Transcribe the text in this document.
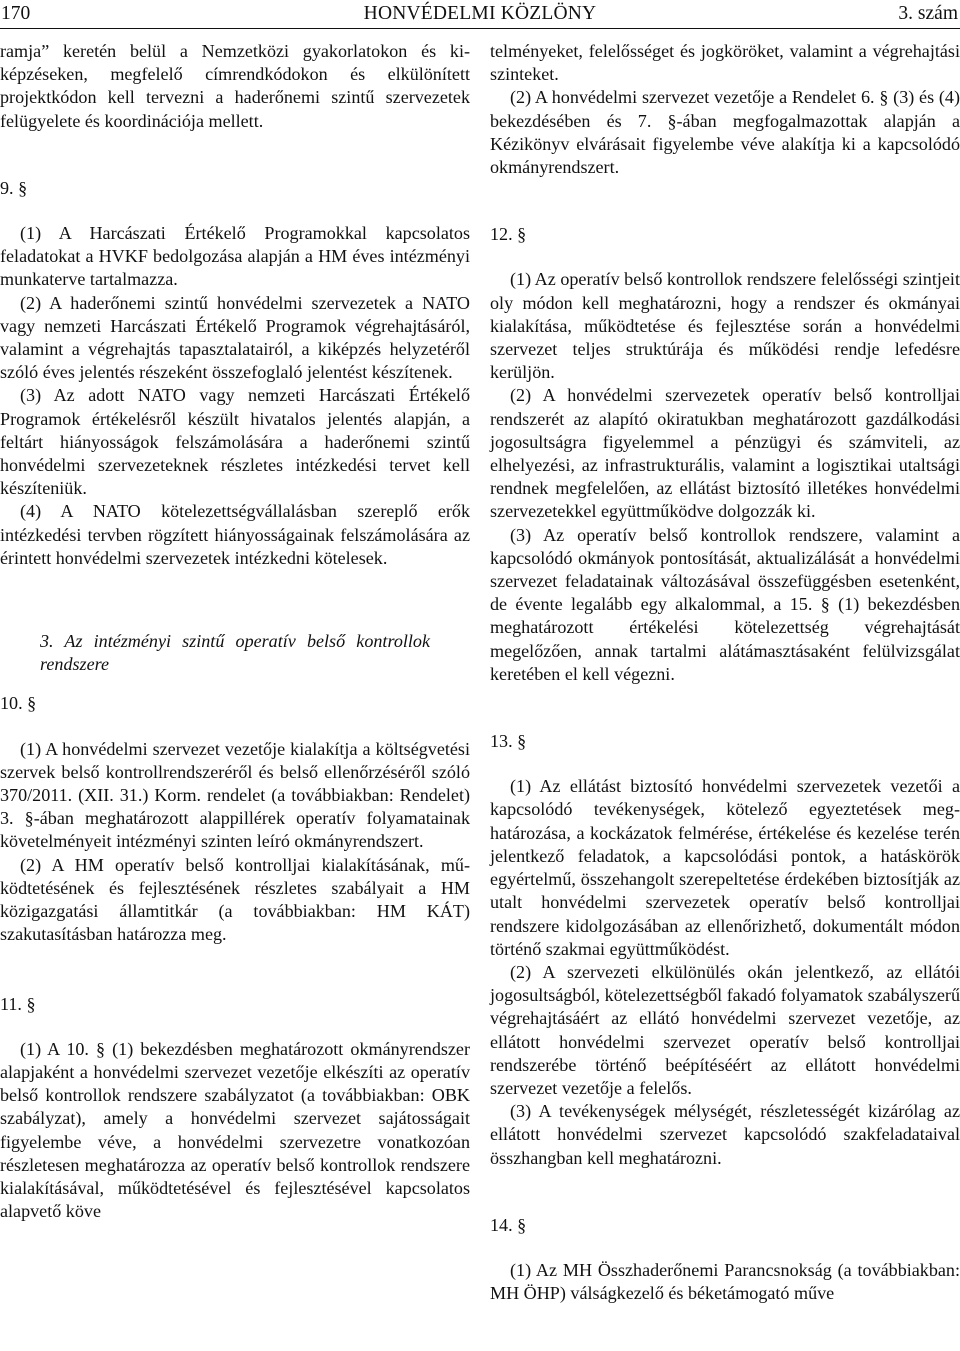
170	HONVÉDELMI KÖZLÖNY	3. szám

ramja” keretén belül a Nemzetközi gyakorlatokon és kiképzéseken, megfelelő címrendkódokon és elkülönített projektkódon kell tervezni a haderőnemi szintű szervezetek felügyelete és koordinációja mellett.

9. §

(1) A Harcászati Értékelő Programokkal kapcsolatos feladatokat a HVKF bedolgozása alapján a HM éves intézményi munkaterve tartalmazza.

(2) A haderőnemi szintű honvédelmi szervezetek a NATO vagy nemzeti Harcászati Értékelő Programok végrehajtásáról, valamint a végrehajtás tapasztalatairól, a kiképzés helyzetéről szóló éves jelentés részeként összefoglaló jelentést készítenek.

(3) Az adott NATO vagy nemzeti Harcászati Értékelő Programok értékelésről készült hivatalos jelentés alapján, a feltárt hiányosságok felszámolására a haderőnemi szintű honvédelmi szervezeteknek részletes intézkedési tervet kell készíteniük.

(4) A NATO kötelezettségvállalásban szereplő erők intézkedési tervben rögzített hiányosságainak felszámolására az érintett honvédelmi szervezetek intézkedni kötelesek.

3. Az intézményi szintű operatív belső kontrollok rendszere

10. §

(1) A honvédelmi szervezet vezetője kialakítja a költségvetési szervek belső kontrollrendszeréről és belső ellenőrzéséről szóló 370/2011. (XII. 31.) Korm. rendelet (a továbbiakban: Rendelet) 3. §-ában meghatározott alappillérek operatív folyamatainak követelményeit intézményi szinten leíró okmányrendszert.

(2) A HM operatív belső kontrolljai kialakításának, működtetésének és fejlesztésének részletes szabályait a HM közigazgatási államtitkár (a továbbiakban: HM KÁT) szakutasításban határozza meg.

11. §

(1) A 10. § (1) bekezdésben meghatározott okmányrendszer alapjaként a honvédelmi szervezet vezetője elkészíti az operatív belső kontrollok rendszere szabályzatot (a továbbiakban: OBK szabályzat), amely a honvédelmi szervezet sajátosságait figyelembe véve, a honvédelmi szervezetre vonatkozóan részletesen meghatározza az operatív belső kontrollok rendszere kialakításával, működtetésével és fejlesztésével kapcsolatos alapvető köve

telményeket, felelősséget és jogköröket, valamint a végrehajtási szinteket.

(2) A honvédelmi szervezet vezetője a Rendelet 6. § (3) és (4) bekezdésében és 7. §-ában megfogalmazottak alapján a Kézikönyv elvárásait figyelembe véve alakítja ki a kapcsolódó okmányrendszert.

12. §

(1) Az operatív belső kontrollok rendszere felelősségi szintjeit oly módon kell meghatározni, hogy a rendszer és okmányai kialakítása, működtetése és fejlesztése során a honvédelmi szervezet teljes struktúrája és működési rendje lefedésre kerüljön.

(2) A honvédelmi szervezetek operatív belső kontrolljai rendszerét az alapító okiratukban meghatározott gazdálkodási jogosultságra figyelemmel a pénzügyi és számviteli, az elhelyezési, az infrastrukturális, valamint a logisztikai utaltsági rendnek megfelelően, az ellátást biztosító illetékes honvédelmi szervezetekkel együttműködve dolgozzák ki.

(3) Az operatív belső kontrollok rendszere, valamint a kapcsolódó okmányok pontosítását, aktualizálását a honvédelmi szervezet feladatainak változásával összefüggésben esetenként, de évente legalább egy alkalommal, a 15. § (1) bekezdésben meghatározott értékelési kötelezettség végrehajtását megelőzően, annak tartalmi alátámasztásaként felülvizsgálat keretében el kell végezni.

13. §

(1) Az ellátást biztosító honvédelmi szervezetek vezetői a kapcsolódó tevékenységek, kötelező egyeztetések meghatározása, a kockázatok felmérése, értékelése és kezelése terén jelentkező feladatok, a kapcsolódási pontok, a hatáskörök egyértelmű, összehangolt szerepeltetése érdekében biztosítják az utalt honvédelmi szervezetek operatív belső kontrolljai rendszere kidolgozásában az ellenőrizhető, dokumentált módon történő szakmai együttműködést.

(2) A szervezeti elkülönülés okán jelentkező, az ellátói jogosultságból, kötelezettségből fakadó folyamatok szabályszerű végrehajtásáért az ellátó honvédelmi szervezet vezetője, az ellátott honvédelmi szervezet operatív belső kontrolljai rendszerébe történő beépítéséért az ellátott honvédelmi szervezet vezetője a felelős.

(3) A tevékenységek mélységét, részletességét kizárólag az ellátott honvédelmi szervezet kapcsolódó szakfeladataival összhangban kell meghatározni.

14. §

(1) Az MH Összhaderőnemi Parancsnokság (a továbbiakban: MH ÖHP) válságkezelő és béketámogató műve
